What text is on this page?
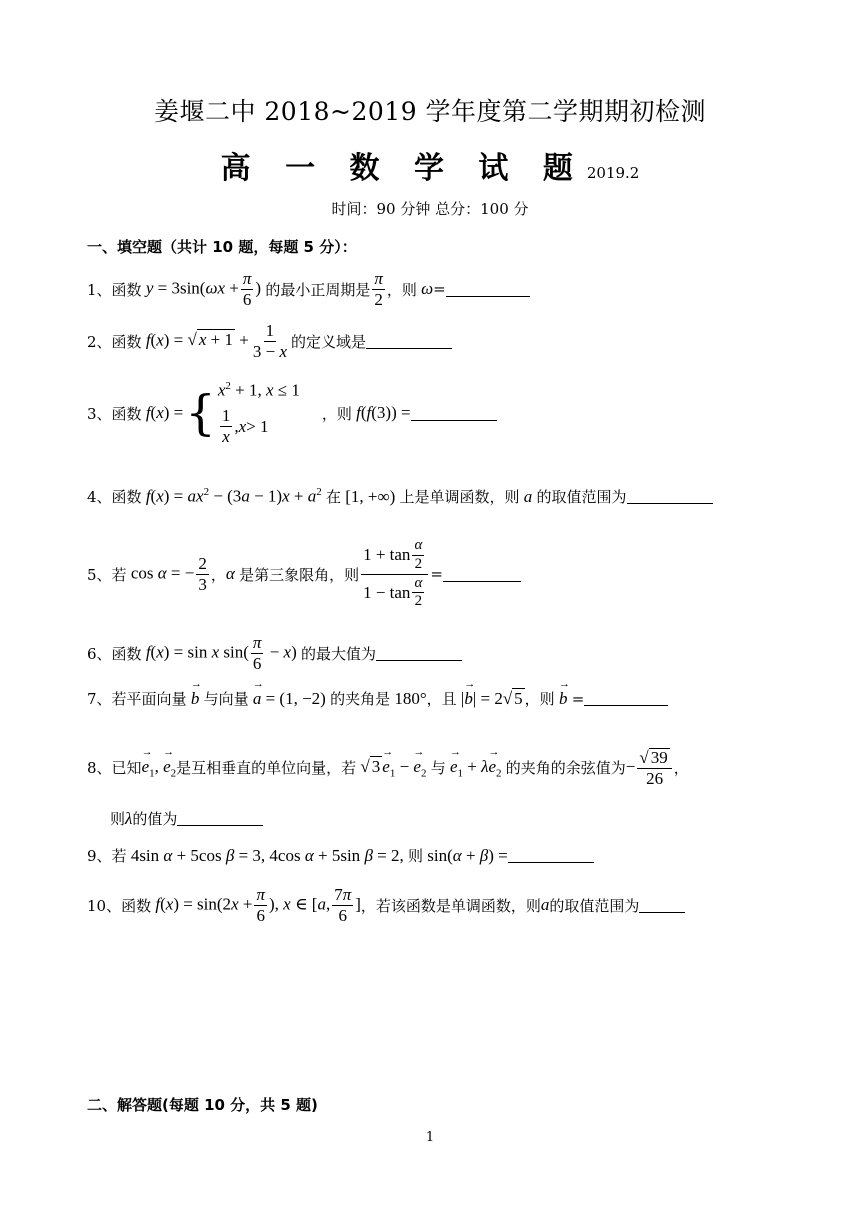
姜堰二中 2018~2019 学年度第二学期期初检测
高 一 数 学 试 题 2019.2
时间：90 分钟 总分：100 分
一、填空题（共计 10 题，每题 5 分）：
1、 函数 $y = 3\sin(\omega x + \frac{\pi}{6}$ ) 的最小正周期是 $\frac{\pi}{2}$ ，则 ω =
2、 函数 f(x) = √ $x + 1 + \frac{1}{3 - x}$ 的定义域是
3、 函数 f(x) = { $x^2 + 1$, x ≤ 1
$\frac{1}{x}$ , x > 1
，则 f(f(3)) =
4、 函数 $f(x) = ax^2 - (3a - 1)x + a^2$ 在 [1, +∞) 上是单调函数，则 a 的取值范围为
5、 若 cos α = − $\frac{2}{3}$ ， α 是第三象限角，则 $\frac{1 + \tan \frac{\alpha}{2}}{1 - \tan \frac{\alpha}{2}}$ =
6、 函数 f(x) = sin x $\sin( \frac{\pi}{6} - x)$ 的最大值为
7、 若平面向量
→ b 与向量
→ a = (1, −2) 的夹角是 180° ，且 |→ b| = 2√ 5 ，则
→ b =
8、 已知
→ $e_1$, → $e_2$ 是互相垂直的单位向量，若 √ 3
→ $e_1$ − → $e_2$ 与
→ $e_1 + \lambda\to e_2$ 的夹角的余弦值为 − $\frac{√ 39}{26}$ ，
则 λ 的值为
9、 若 4sin α + 5cos β = 3, 4cos α + 5sin β = 2, 则 sin(α + β) =
10、 函数 $f(x) = \sin(2x + \frac{\pi}{6}$ ), x ∈ [a, $\frac{7\pi}{6}$ ] ，若该函数是单调函数，则 a 的取值范围为
二、解答题(每题 10 分，共 5 题)
1
